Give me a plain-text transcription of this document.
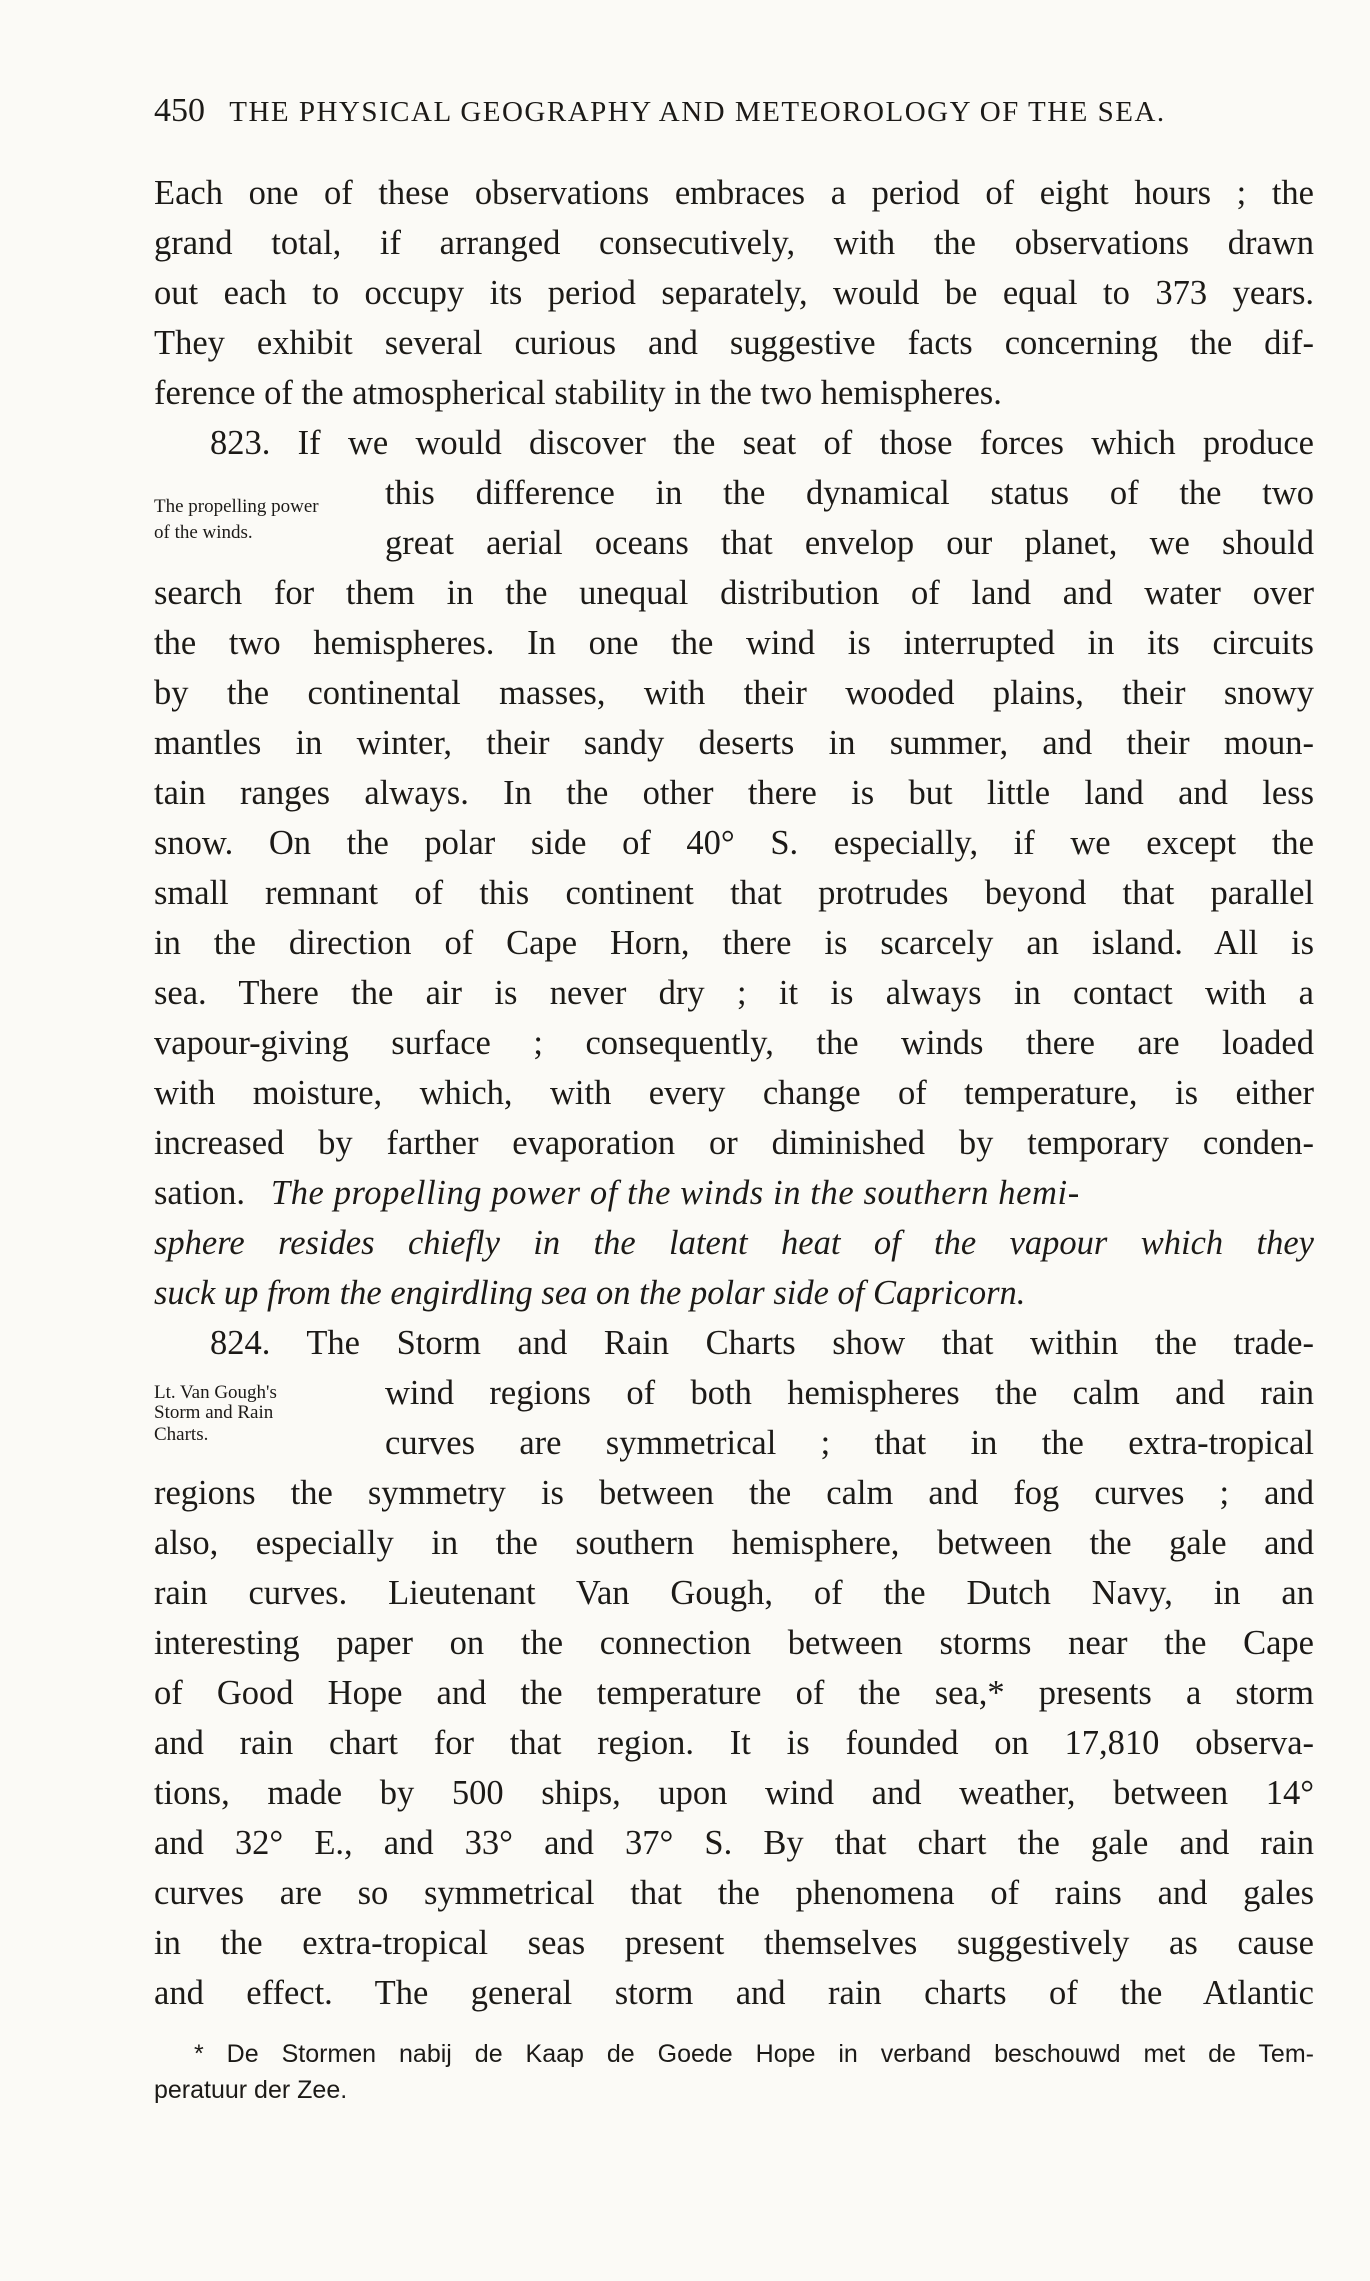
450 THE PHYSICAL GEOGRAPHY AND METEOROLOGY OF THE SEA.
Each one of these observations embraces a period of eight hours ; the
grand total, if arranged consecutively, with the observations drawn
out each to occupy its period separately, would be equal to 373 years.
They exhibit several curious and suggestive facts concerning the dif-
ference of the atmospherical stability in the two hemispheres.
823. If we would discover the seat of those forces which produce
this difference in the dynamical status of the two
great aerial oceans that envelop our planet, we should
search for them in the unequal distribution of land and water over
the two hemispheres. In one the wind is interrupted in its circuits
by the continental masses, with their wooded plains, their snowy
mantles in winter, their sandy deserts in summer, and their moun-
tain ranges always. In the other there is but little land and less
snow. On the polar side of 40° S. especially, if we except the
small remnant of this continent that protrudes beyond that parallel
in the direction of Cape Horn, there is scarcely an island. All is
sea. There the air is never dry ; it is always in contact with a
vapour-giving surface ; consequently, the winds there are loaded
with moisture, which, with every change of temperature, is either
increased by farther evaporation or diminished by temporary conden-
sation. The propelling power of the winds in the southern hemi-
sphere resides chiefly in the latent heat of the vapour which they
suck up from the engirdling sea on the polar side of Capricorn.
824. The Storm and Rain Charts show that within the trade-
wind regions of both hemispheres the calm and rain
curves are symmetrical ; that in the extra-tropical
regions the symmetry is between the calm and fog curves ; and
also, especially in the southern hemisphere, between the gale and
rain curves. Lieutenant Van Gough, of the Dutch Navy, in an
interesting paper on the connection between storms near the Cape
of Good Hope and the temperature of the sea,* presents a storm
and rain chart for that region. It is founded on 17,810 observa-
tions, made by 500 ships, upon wind and weather, between 14°
and 32° E., and 33° and 37° S. By that chart the gale and rain
curves are so symmetrical that the phenomena of rains and gales
in the extra-tropical seas present themselves suggestively as cause
and effect. The general storm and rain charts of the Atlantic
The propelling power
of the winds.
Lt. Van Gough's
Storm and Rain
Charts.
* De Stormen nabij de Kaap de Goede Hope in verband beschouwd met de Tem-
peratuur der Zee.
